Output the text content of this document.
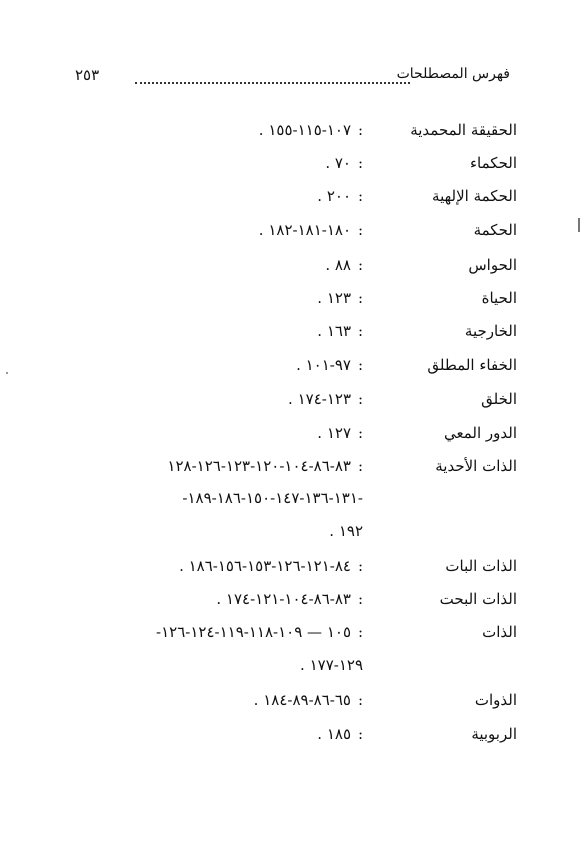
فهرس المصطلحات
٢٥٣
الحقيقة المحمدية
:
١٠٧-١١٥-١٥٥ .
الحكماء
:
٧٠ .
الحكمة الإلهية
:
٢٠٠ .
الحكمة
:
١٨٠-١٨١-١٨٢ .
الحواس
:
٨٨ .
الحياة
:
١٢٣ .
الخارجية
:
١٦٣ .
الخفاء المطلق
:
٩٧-١٠١ .
الخلق
:
١٢٣-١٧٤ .
الدور المعي
:
١٢٧ .
الذات الأحدية
:
٨٣-٨٦-١٠٤-١٢٠-١٢٣-١٢٦-١٢٨
-١٣١-١٣٦-١٤٧-١٥٠-١٨٦-١٨٩-
١٩٢ .
الذات البات
:
٨٤-١٢١-١٢٦-١٥٣-١٥٦-١٨٦ .
الذات البحت
:
٨٣-٨٦-١٠٤-١٢١-١٧٤ .
الذات
:
١٠٥ — ١٠٩-١١٨-١١٩-١٢٤-١٢٦-
١٢٩-١٧٧ .
الذوات
:
٦٥-٨٦-٨٩-١٨٤ .
الربوبية
:
١٨٥ .
